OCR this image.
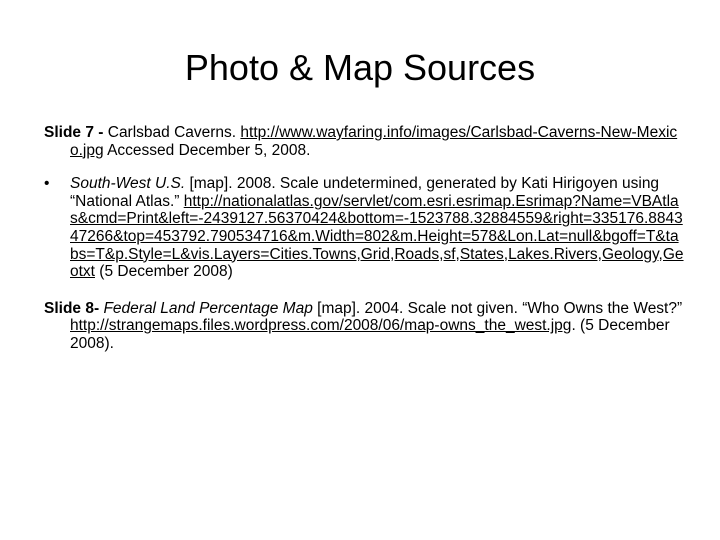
Photo & Map Sources

Slide 7 - Carlsbad Caverns. http://www.wayfaring.info/images/Carlsbad-Caverns-New-Mexico.jpg Accessed December 5, 2008.

• South-West U.S. [map]. 2008. Scale undetermined, generated by Kati Hirigoyen using “National Atlas.” http://nationalatlas.gov/servlet/com.esri.esrimap.Esrimap?Name=VBAtlas&cmd=Print&left=-2439127.56370424&bottom=-1523788.32884559&right=335176.884347266&top=453792.790534716&m.Width=802&m.Height=578&Lon.Lat=null&bgoff=T&tabs=T&p.Style=L&vis.Layers=Cities.Towns,Grid,Roads,sf,States,Lakes.Rivers,Geology,Geotxt (5 December 2008)

Slide 8- Federal Land Percentage Map [map]. 2004. Scale not given. “Who Owns the West?” http://strangemaps.files.wordpress.com/2008/06/map-owns_the_west.jpg. (5 December 2008).
